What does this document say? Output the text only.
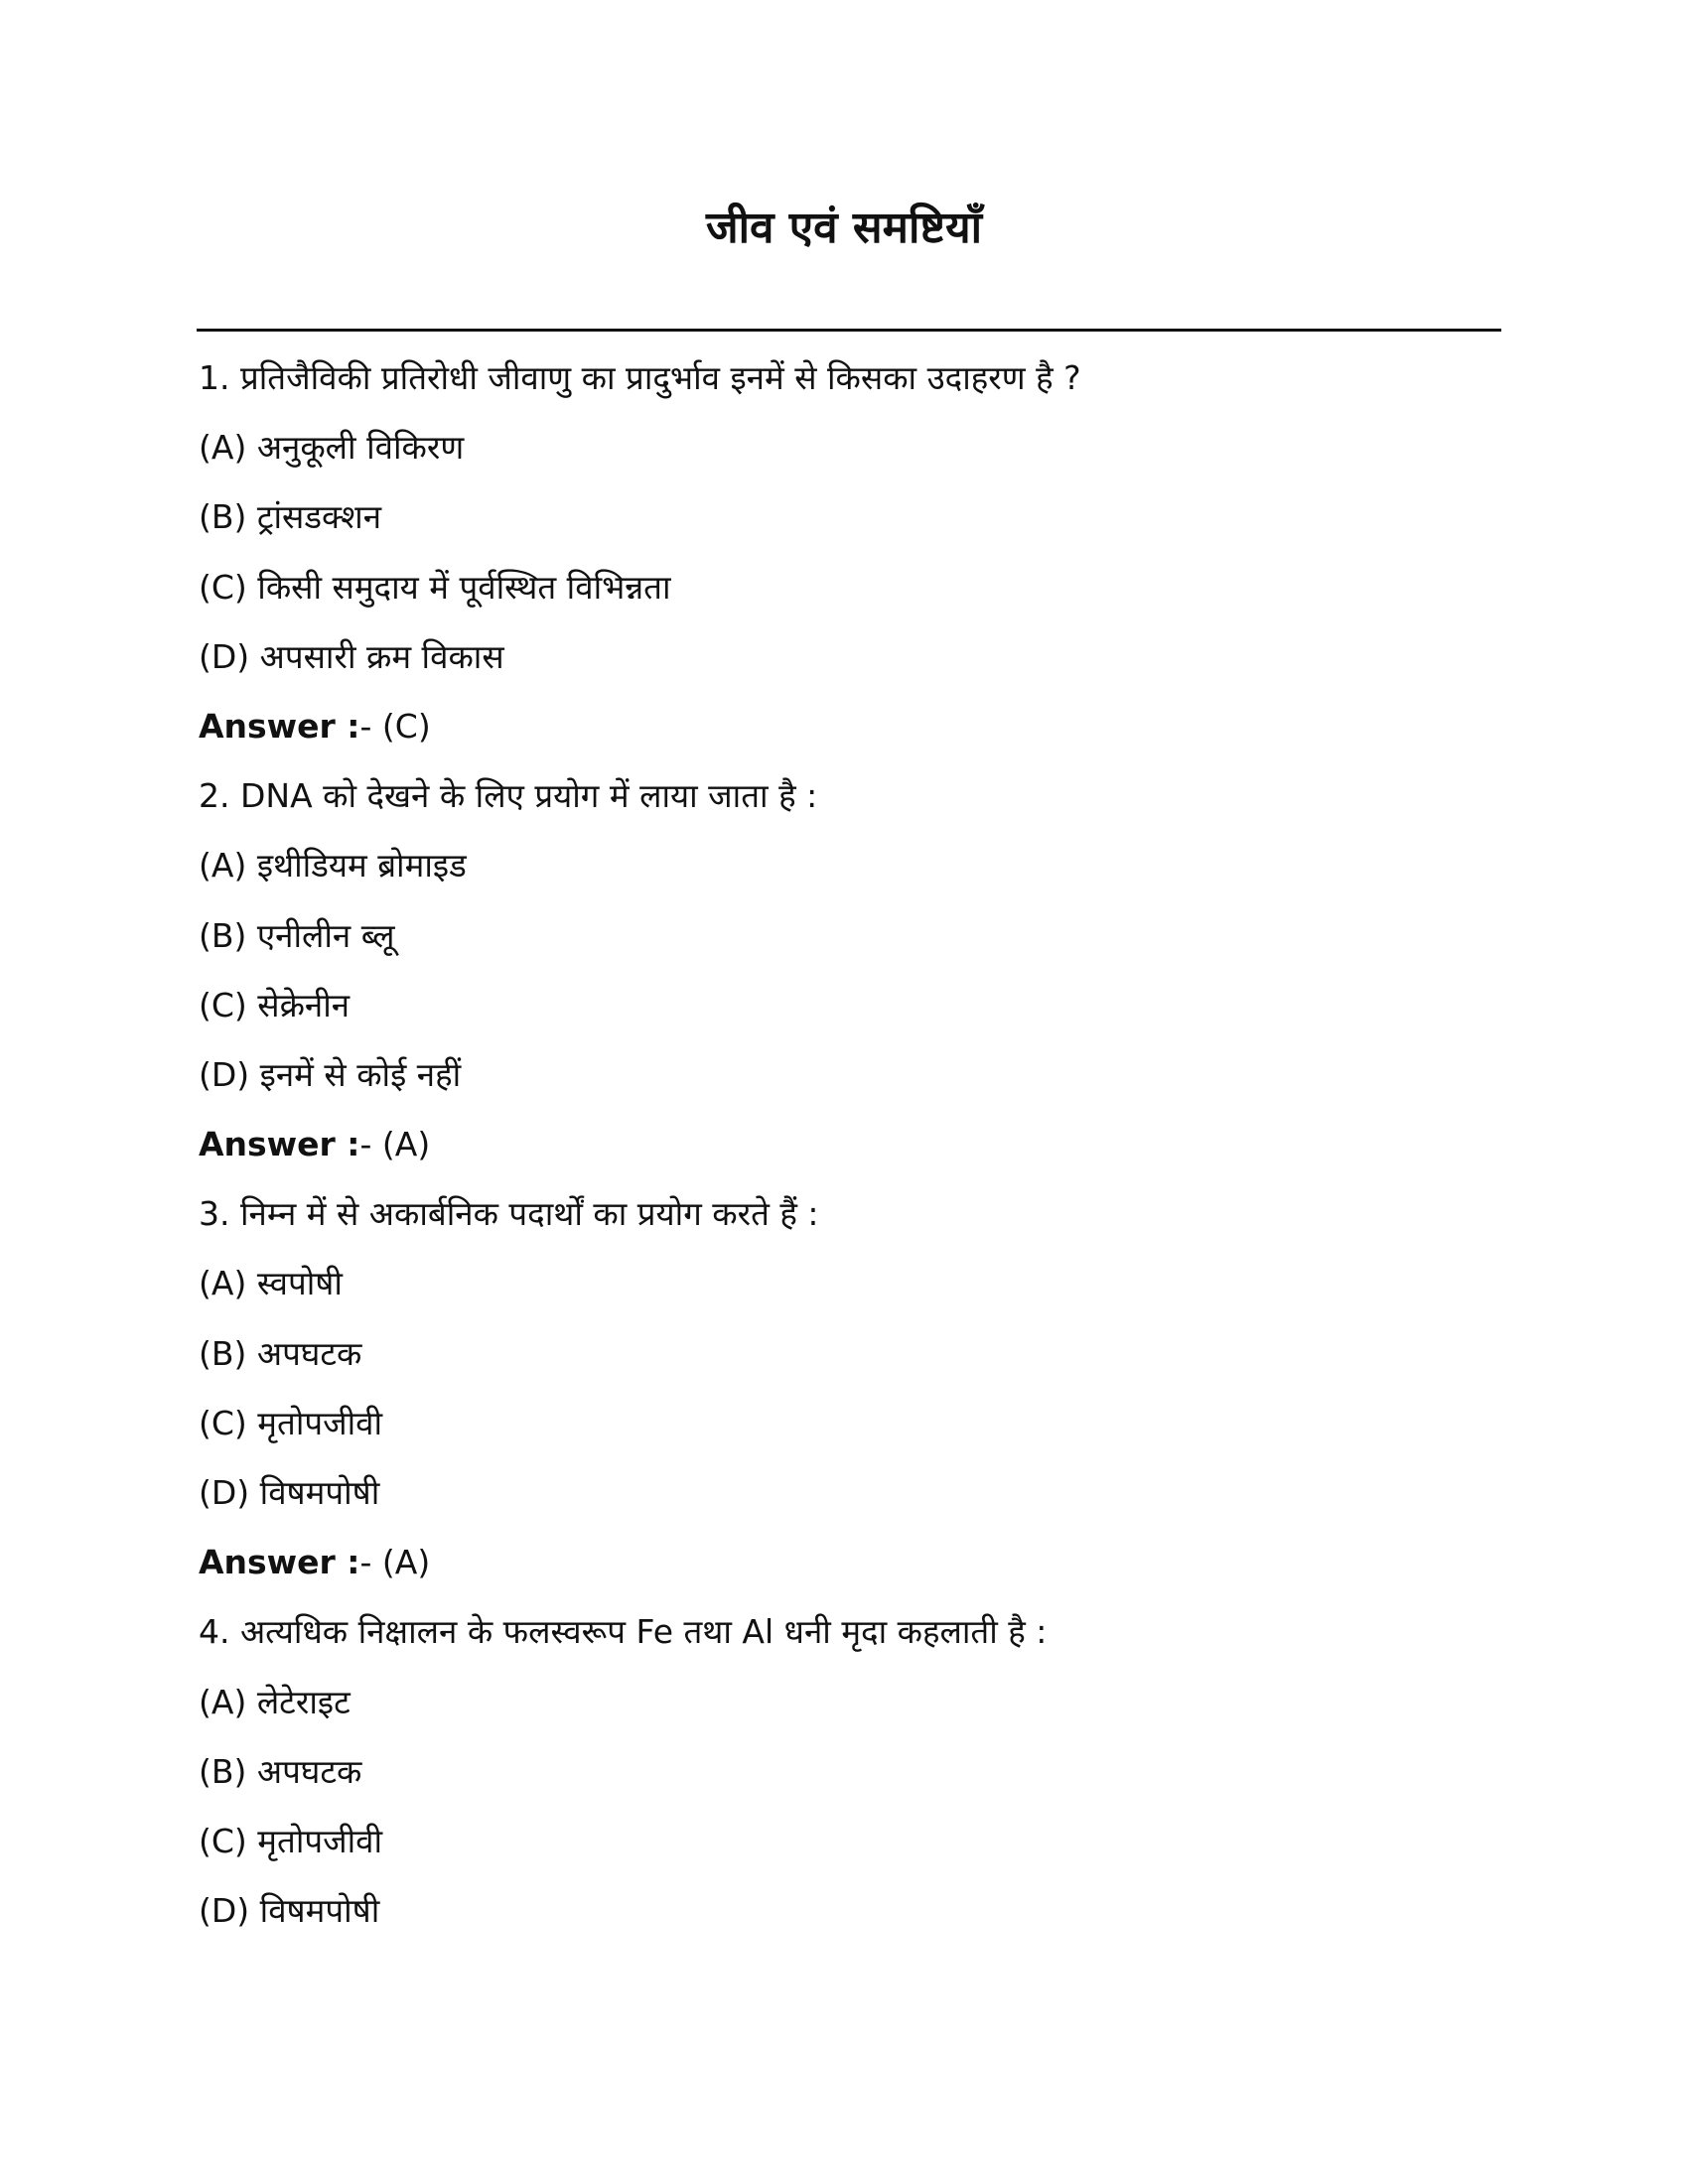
जीव एवं समष्टियाँ
1. प्रतिजैविकी प्रतिरोधी जीवाणु का प्रादुर्भाव इनमें से किसका उदाहरण है ?
(A) अनुकूली विकिरण
(B) ट्रांसडक्शन
(C) किसी समुदाय में पूर्वस्थित विभिन्नता
(D) अपसारी क्रम विकास
Answer :- (C)
2. DNA को देखने के लिए प्रयोग में लाया जाता है :
(A) इथीडियम ब्रोमाइड
(B) एनीलीन ब्लू
(C) सेक्रेनीन
(D) इनमें से कोई नहीं
Answer :- (A)
3. निम्न में से अकार्बनिक पदार्थों का प्रयोग करते हैं :
(A) स्वपोषी
(B) अपघटक
(C) मृतोपजीवी
(D) विषमपोषी
Answer :- (A)
4. अत्यधिक निक्षालन के फलस्वरूप Fe तथा Al धनी मृदा कहलाती है :
(A) लेटेराइट
(B) अपघटक
(C) मृतोपजीवी
(D) विषमपोषी
